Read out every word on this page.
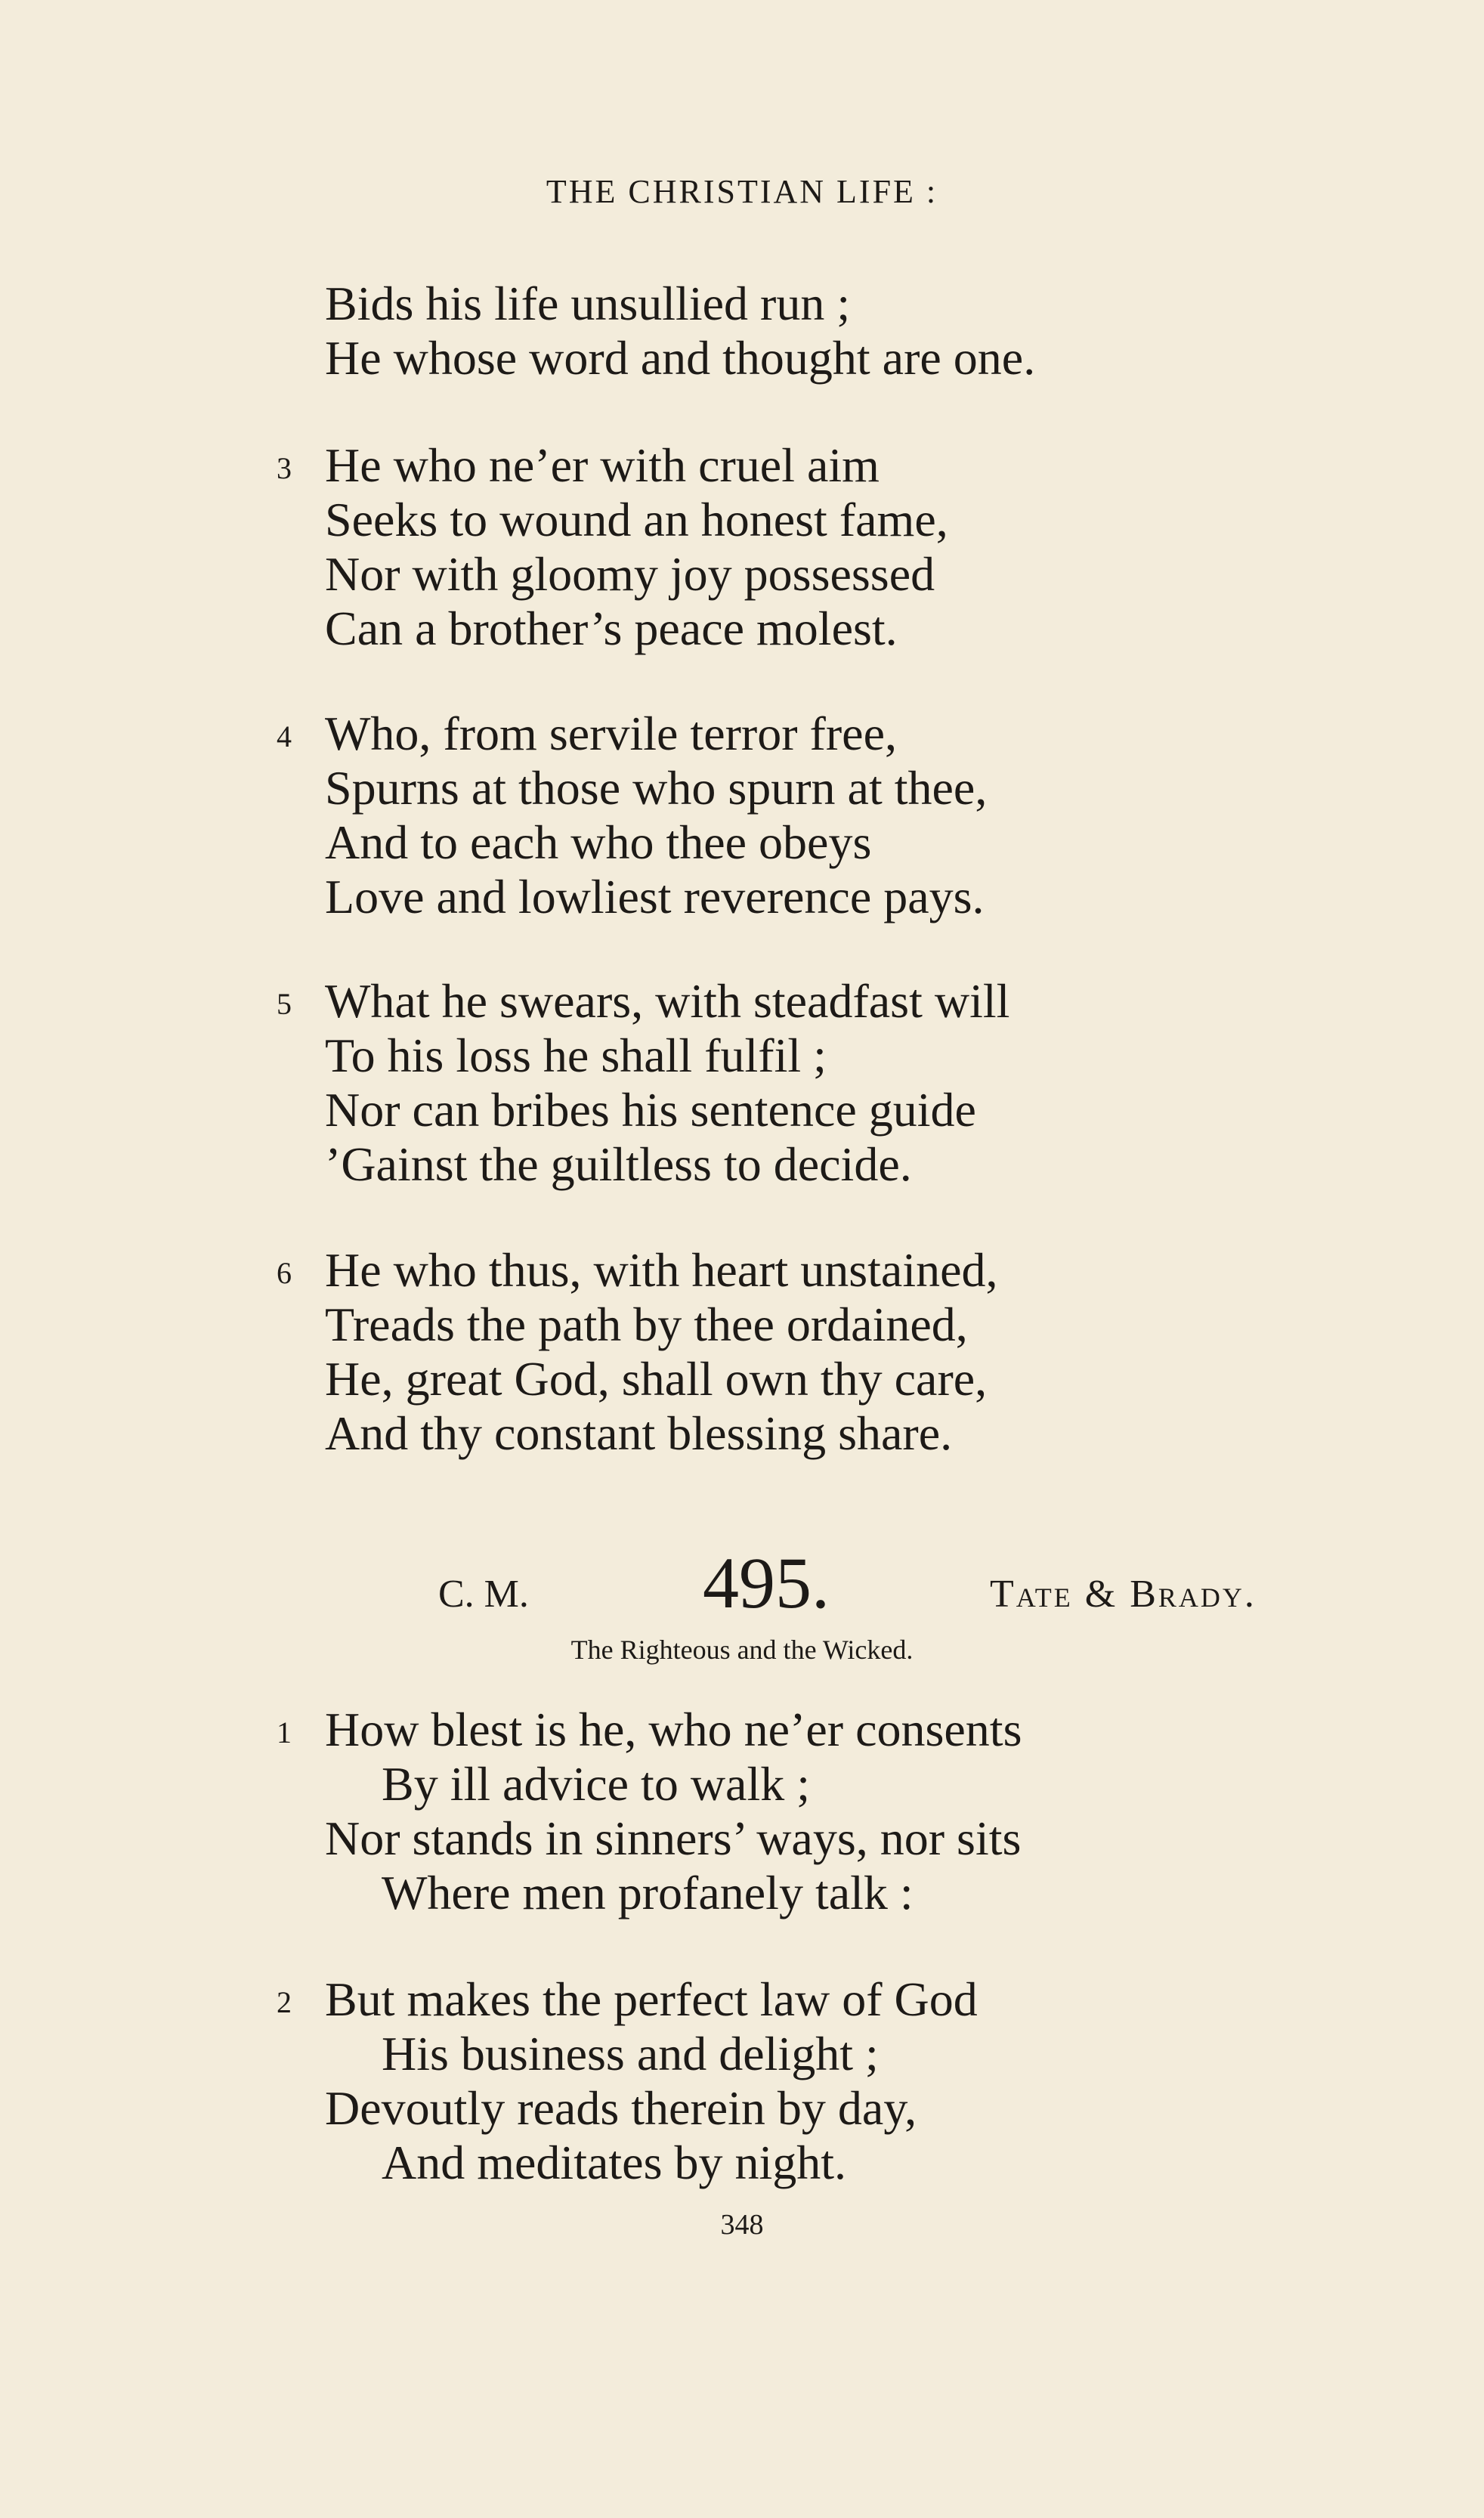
THE CHRISTIAN LIFE :
Bids his life unsullied run ;
He whose word and thought are one.
3 He who ne’er with cruel aim
Seeks to wound an honest fame,
Nor with gloomy joy possessed
Can a brother’s peace molest.
4 Who, from servile terror free,
Spurns at those who spurn at thee,
And to each who thee obeys
Love and lowliest reverence pays.
5 What he swears, with steadfast will
To his loss he shall fulfil ;
Nor can bribes his sentence guide
’Gainst the guiltless to decide.
6 He who thus, with heart unstained,
Treads the path by thee ordained,
He, great God, shall own thy care,
And thy constant blessing share.
C. M. 495.	Tate & Brady.
The Righteous and the Wicked.
1 How blest is he, who ne’er consents
By ill advice to walk ;
Nor stands in sinners’ ways, nor sits
Where men profanely talk :
2 But makes the perfect law of God
His business and delight ;
Devoutly reads therein by day,
And meditates by night.
348
